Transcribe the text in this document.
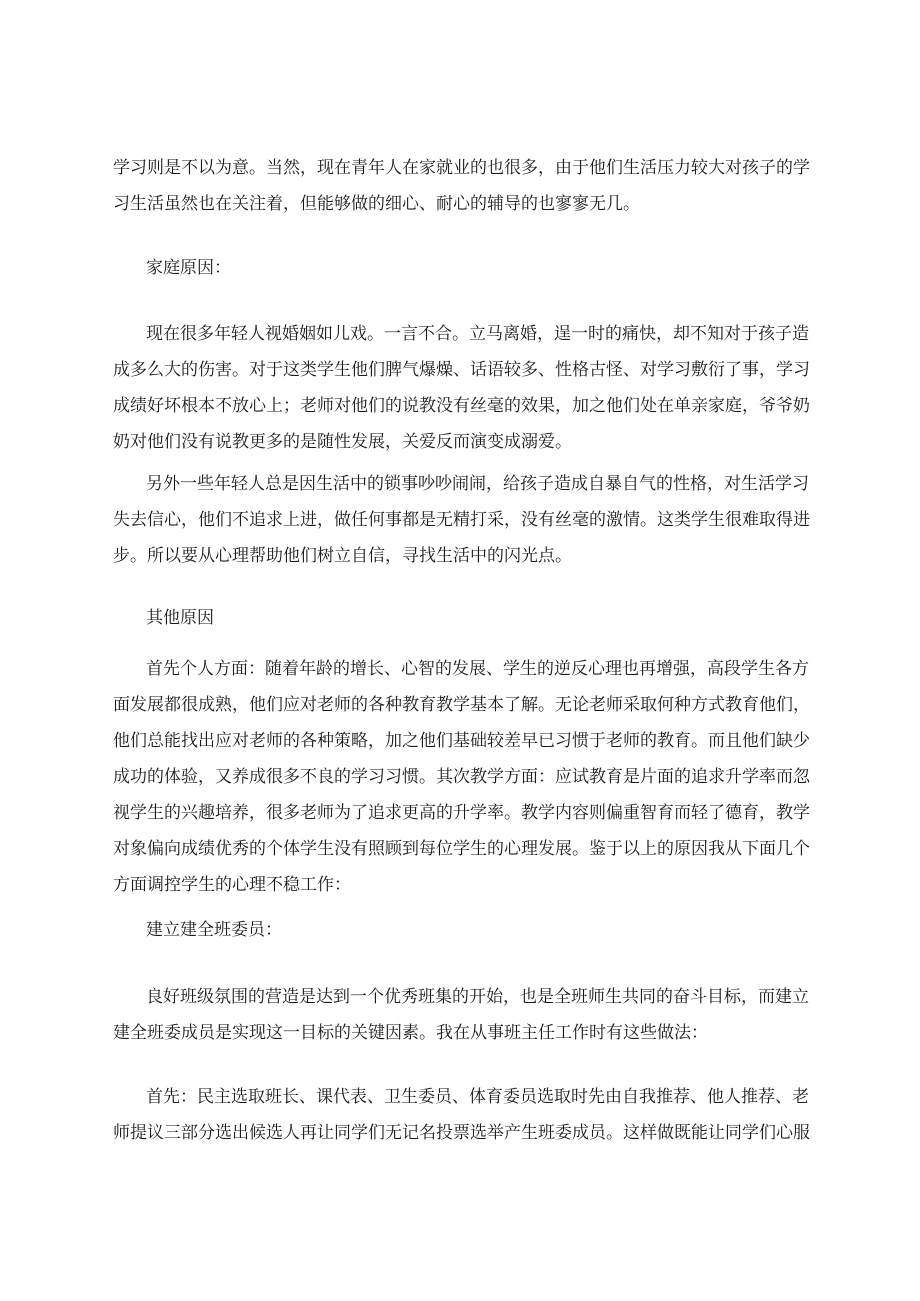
学习则是不以为意。当然，现在青年人在家就业的也很多，由于他们生活压力较大对孩子的学
习生活虽然也在关注着，但能够做的细心、耐心的辅导的也寥寥无几。

家庭原因：

现在很多年轻人视婚姻如儿戏。一言不合。立马离婚，逞一时的痛快，却不知对于孩子造
成多么大的伤害。对于这类学生他们脾气爆燥、话语较多、性格古怪、对学习敷衍了事，学习
成绩好坏根本不放心上；老师对他们的说教没有丝毫的效果，加之他们处在单亲家庭，爷爷奶
奶对他们没有说教更多的是随性发展，关爱反而演变成溺爱。
另外一些年轻人总是因生活中的锁事吵吵闹闹，给孩子造成自暴自气的性格，对生活学习
失去信心，他们不追求上进，做任何事都是无精打采，没有丝毫的激情。这类学生很难取得进
步。所以要从心理帮助他们树立自信，寻找生活中的闪光点。

其他原因

首先个人方面：随着年龄的增长、心智的发展、学生的逆反心理也再增强，高段学生各方
面发展都很成熟，他们应对老师的各种教育教学基本了解。无论老师采取何种方式教育他们，
他们总能找出应对老师的各种策略，加之他们基础较差早已习惯于老师的教育。而且他们缺少
成功的体验，又养成很多不良的学习习惯。其次教学方面：应试教育是片面的追求升学率而忽
视学生的兴趣培养，很多老师为了追求更高的升学率。教学内容则偏重智育而轻了德育，教学
对象偏向成绩优秀的个体学生没有照顾到每位学生的心理发展。鉴于以上的原因我从下面几个
方面调控学生的心理不稳工作：

建立建全班委员：

良好班级氛围的营造是达到一个优秀班集的开始，也是全班师生共同的奋斗目标，而建立
建全班委成员是实现这一目标的关键因素。我在从事班主任工作时有这些做法：
首先：民主选取班长、课代表、卫生委员、体育委员选取时先由自我推荐、他人推荐、老
师提议三部分选出候选人再让同学们无记名投票选举产生班委成员。这样做既能让同学们心服
